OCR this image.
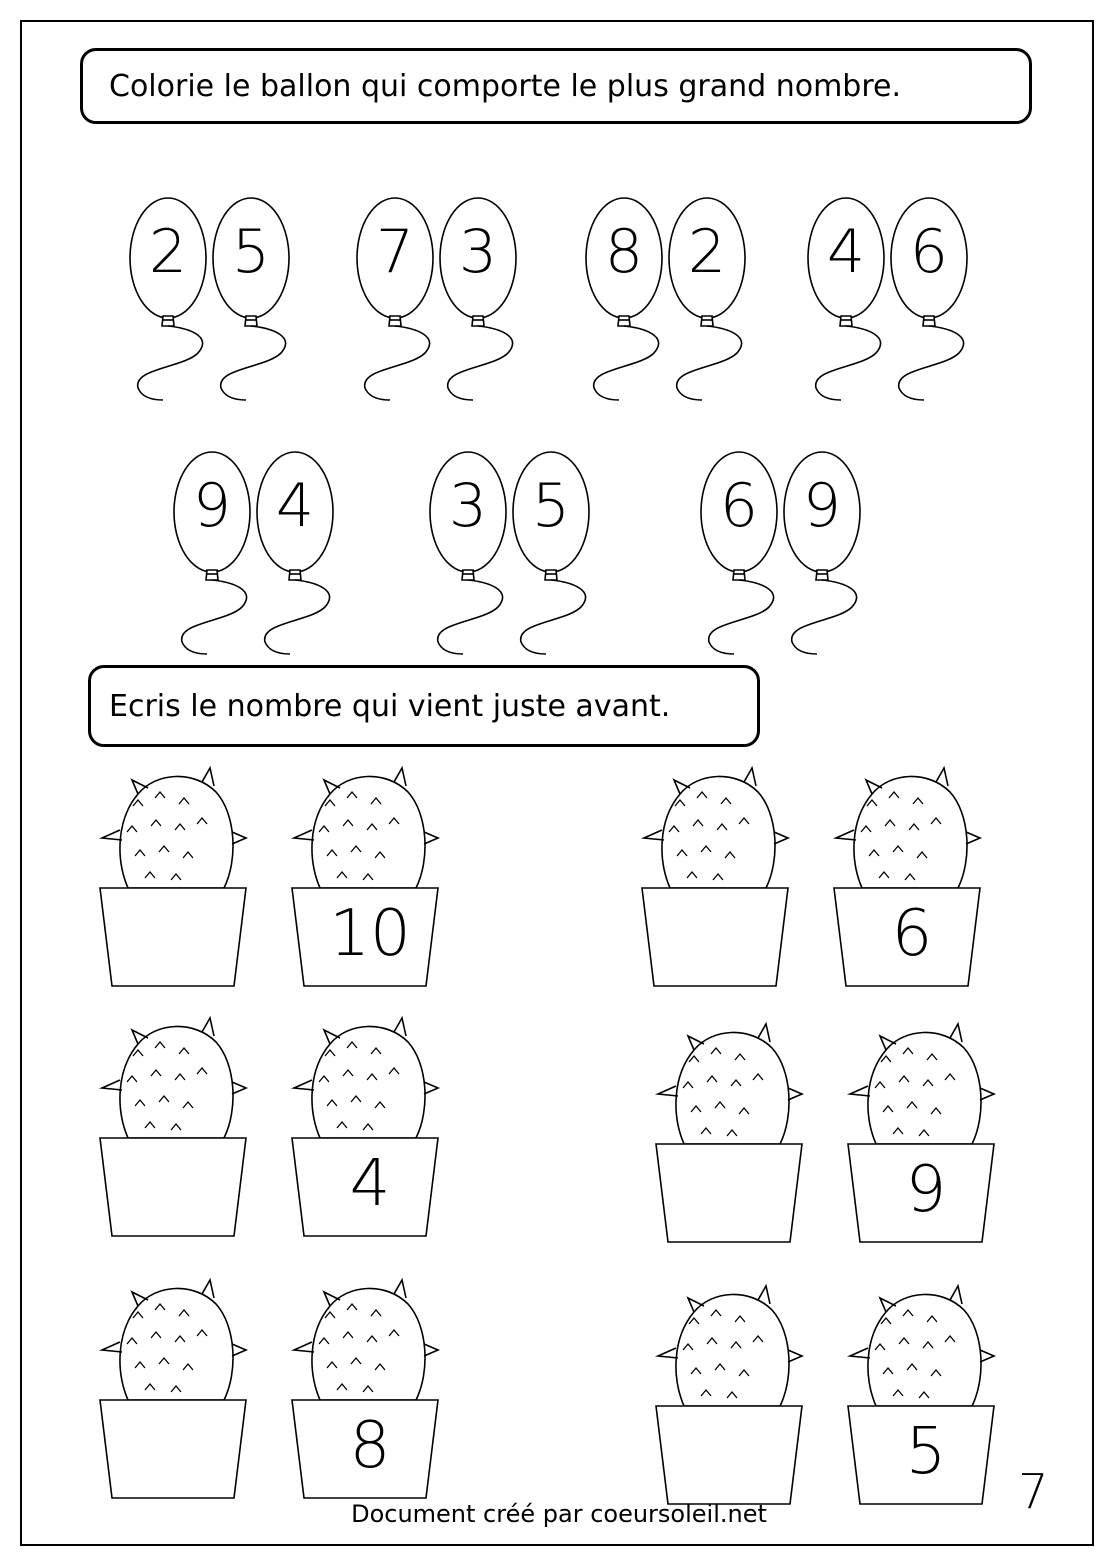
Colorie le ballon qui comporte le plus grand nombre.
2 5 7 3 8 2 4 6
9 4 3 5 6 9
Ecris le nombre qui vient juste avant.
10	6
4	9
8	5
Document créé par coeursoleil.net	7
